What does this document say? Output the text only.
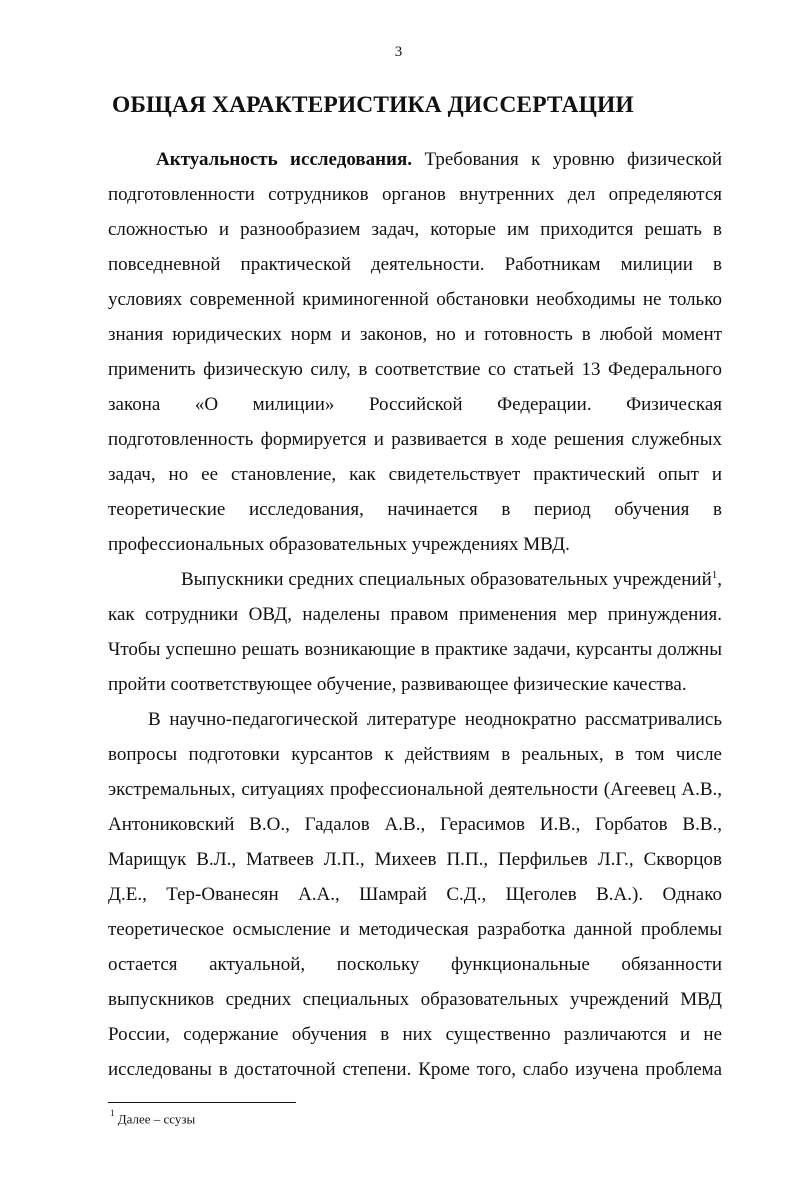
3
ОБЩАЯ ХАРАКТЕРИСТИКА ДИССЕРТАЦИИ
Актуальность исследования. Требования к уровню физической
подготовленности сотрудников органов внутренних дел определяются
сложностью и разнообразием задач, которые им приходится решать в
повседневной практической деятельности. Работникам милиции в
условиях современной криминогенной обстановки необходимы не только
знания юридических норм и законов, но и готовность в любой момент
применить физическую силу, в соответствие со статьей 13 Федерального
закона «О милиции» Российской Федерации. Физическая
подготовленность формируется и развивается в ходе решения служебных
задач, но ее становление, как свидетельствует практический опыт и
теоретические исследования, начинается в период обучения в
профессиональных образовательных учреждениях МВД.
Выпускники средних специальных образовательных учреждений$^1$,
как сотрудники ОВД, наделены правом применения мер принуждения.
Чтобы успешно решать возникающие в практике задачи, курсанты должны
пройти соответствующее обучение, развивающее физические качества.
В научно-педагогической литературе неоднократно рассматривались
вопросы подготовки курсантов к действиям в реальных, в том числе
экстремальных, ситуациях профессиональной деятельности (Агеевец А.В.,
Антониковский В.О., Гадалов А.В., Герасимов И.В., Горбатов В.В.,
Марищук В.Л., Матвеев Л.П., Михеев П.П., Перфильев Л.Г., Скворцов
Д.Е., Тер-Ованесян А.А., Шамрай С.Д., Щеголев В.А.). Однако
теоретическое осмысление и методическая разработка данной проблемы
остается актуальной, поскольку функциональные обязанности
выпускников средних специальных образовательных учреждений МВД
России, содержание обучения в них существенно различаются и не
исследованы в достаточной степени. Кроме того, слабо изучена проблема
$^1$ Далее – ссузы
